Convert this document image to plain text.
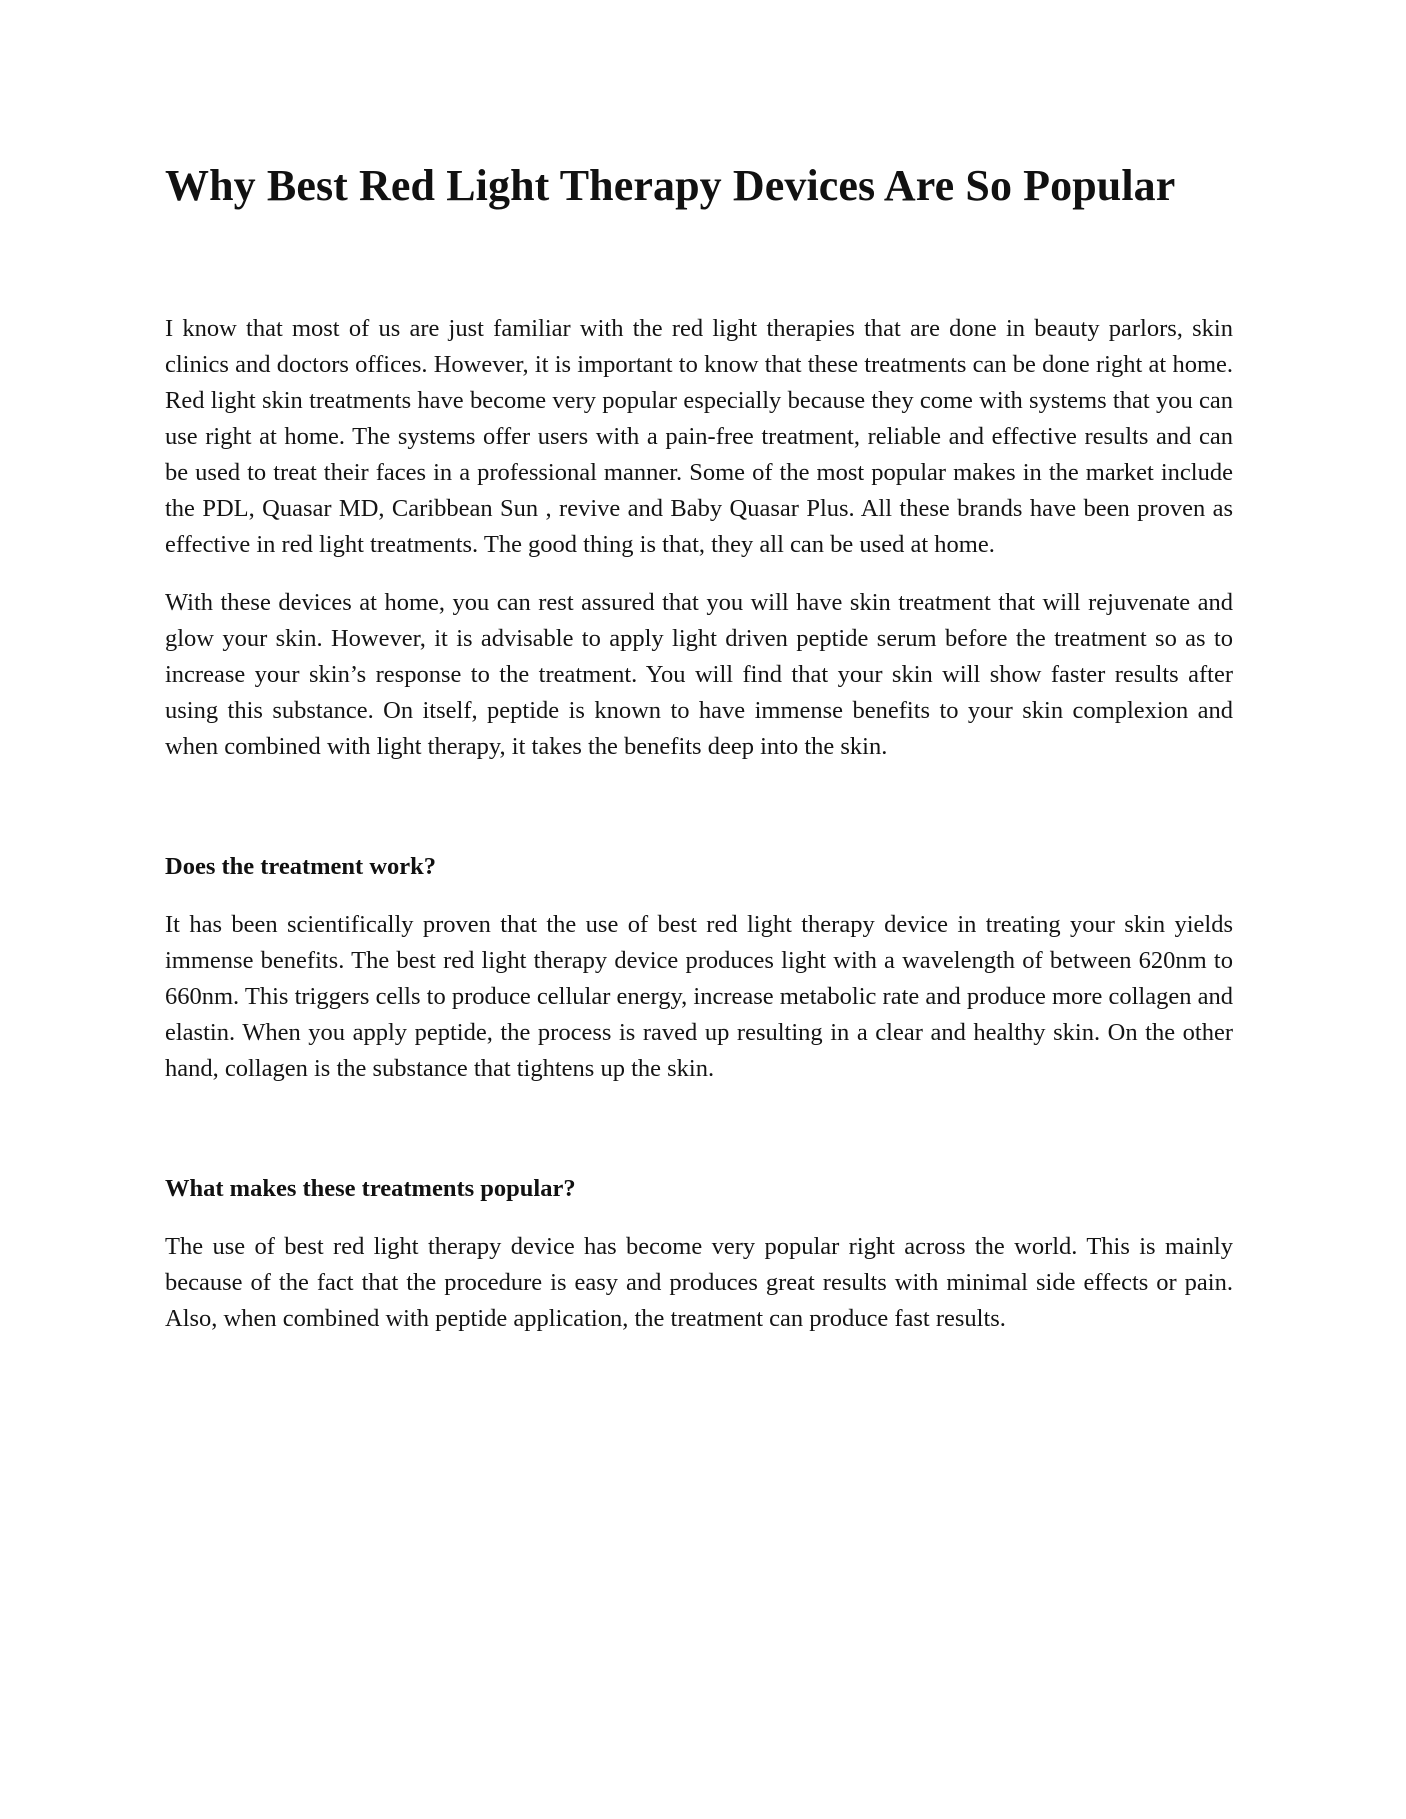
Why Best Red Light Therapy Devices Are So Popular

I know that most of us are just familiar with the red light therapies that are done in beauty parlors, skin clinics and doctors offices. However, it is important to know that these treatments can be done right at home. Red light skin treatments have become very popular especially because they come with systems that you can use right at home. The systems offer users with a pain-free treatment, reliable and effective results and can be used to treat their faces in a professional manner. Some of the most popular makes in the market include the PDL, Quasar MD, Caribbean Sun , revive and Baby Quasar Plus. All these brands have been proven as effective in red light treatments. The good thing is that, they all can be used at home.

With these devices at home, you can rest assured that you will have skin treatment that will rejuvenate and glow your skin. However, it is advisable to apply light driven peptide serum before the treatment so as to increase your skin’s response to the treatment. You will find that your skin will show faster results after using this substance. On itself, peptide is known to have immense benefits to your skin complexion and when combined with light therapy, it takes the benefits deep into the skin.

Does the treatment work?

It has been scientifically proven that the use of best red light therapy device in treating your skin yields immense benefits. The best red light therapy device produces light with a wavelength of between 620nm to 660nm. This triggers cells to produce cellular energy, increase metabolic rate and produce more collagen and elastin. When you apply peptide, the process is raved up resulting in a clear and healthy skin. On the other hand, collagen is the substance that tightens up the skin.

What makes these treatments popular?

The use of best red light therapy device has become very popular right across the world. This is mainly because of the fact that the procedure is easy and produces great results with minimal side effects or pain. Also, when combined with peptide application, the treatment can produce fast results.
